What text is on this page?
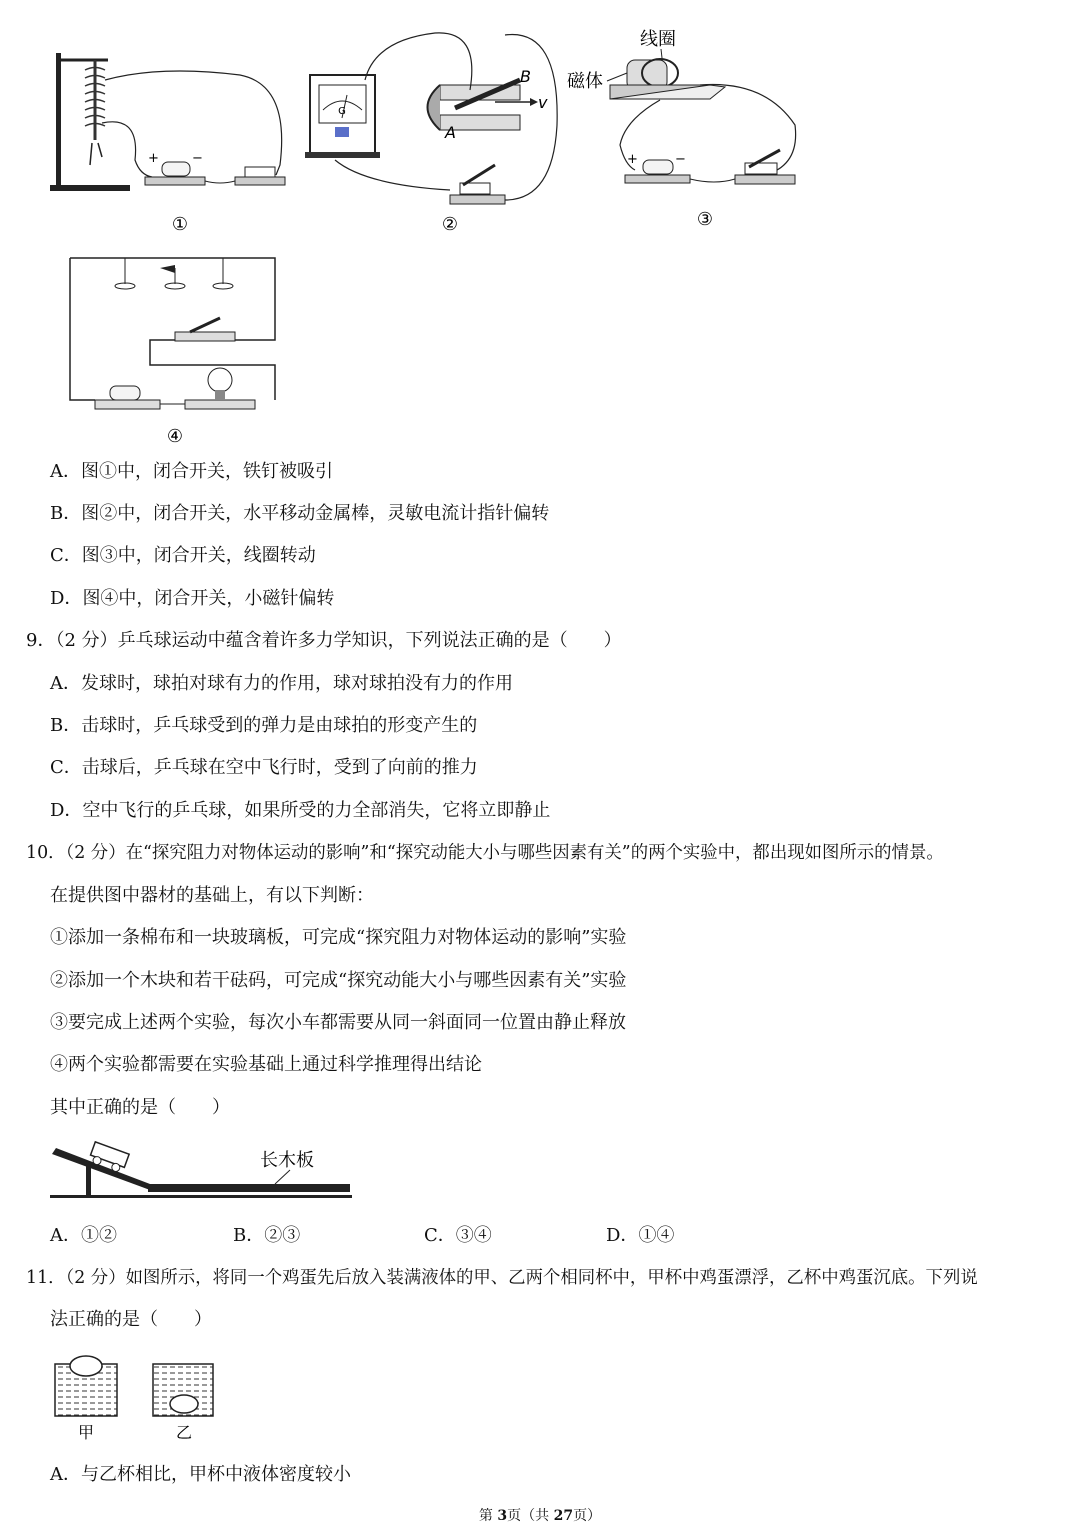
+	−
①
G
B
A
v
②
线圈
磁体
+	−
③
④
A．图①中，闭合开关，铁钉被吸引
B．图②中，闭合开关，水平移动金属棒，灵敏电流计指针偏转
C．图③中，闭合开关，线圈转动
D．图④中，闭合开关，小磁针偏转
9．（2 分）乒乓球运动中蕴含着许多力学知识，下列说法正确的是（　　）
A．发球时，球拍对球有力的作用，球对球拍没有力的作用
B．击球时，乒乓球受到的弹力是由球拍的形变产生的
C．击球后，乒乓球在空中飞行时，受到了向前的推力
D．空中飞行的乒乓球，如果所受的力全部消失，它将立即静止
10．（2 分）在“探究阻力对物体运动的影响”和“探究动能大小与哪些因素有关”的两个实验中，都出现如图所示的情景。
在提供图中器材的基础上，有以下判断：
①添加一条棉布和一块玻璃板，可完成“探究阻力对物体运动的影响”实验
②添加一个木块和若干砝码，可完成“探究动能大小与哪些因素有关”实验
③要完成上述两个实验，每次小车都需要从同一斜面同一位置由静止释放
④两个实验都需要在实验基础上通过科学推理得出结论
其中正确的是（　　）
长木板
A．①②	B．②③	C．③④	D．①④
11．（2 分）如图所示，将同一个鸡蛋先后放入装满液体的甲、乙两个相同杯中，甲杯中鸡蛋漂浮，乙杯中鸡蛋沉底。下列说
法正确的是（　　）
甲	乙
A．与乙杯相比，甲杯中液体密度较小
第 3页（共 27页）
